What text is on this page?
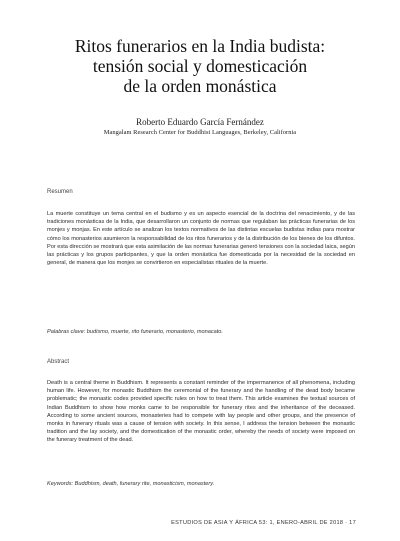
Ritos funerarios en la India budista:
tensión social y domesticación
de la orden monástica
Roberto Eduardo García Fernández
Mangalam Research Center for Buddhist Languages, Berkeley, California
Resumen
La muerte constituye un tema central en el budismo y es un aspecto esencial de la doctrina del renacimiento, y de las tradiciones monásticas de la India, que desarrollaron un conjunto de normas que regulaban las prácticas funerarias de los monjes y monjas. En este artículo se analizan los textos normativos de las distintas escuelas budistas indias para mostrar cómo los monasterios asumieron la responsabilidad de los ritos funerarios y de la distribución de los bienes de los difuntos. Por esta dirección se mostrará que esta asimilación de las normas funerarias generó tensiones con la sociedad laica, según las prácticas y los grupos participantes, y que la orden monástica fue domesticada por la necesidad de la sociedad en general, de manera que los monjes se convirtieron en especialistas rituales de la muerte.
Palabras clave: budismo, muerte, rito funerario, monasterio, monacato.
Abstract
Death is a central theme in Buddhism. It represents a constant reminder of the impermanence of all phenomena, including human life. However, for monastic Buddhism the ceremonial of the funerary and the handling of the dead body became problematic; the monastic codes provided specific rules on how to treat them. This article examines the textual sources of Indian Buddhism to show how monks came to be responsible for funerary rites and the inheritance of the deceased. According to some ancient sources, monasteries had to compete with lay people and other groups, and the presence of monks in funerary rituals was a cause of tension with society. In this sense, I address the tension between the monastic tradition and the lay society, and the domestication of the monastic order, whereby the needs of society were imposed on the funerary treatment of the dead.
Keywords: Buddhism, death, funerary rite, monasticism, monastery.
ESTUDIOS DE ASIA Y ÁFRICA 53: 1, ENERO-ABRIL DE 2018 · 17
